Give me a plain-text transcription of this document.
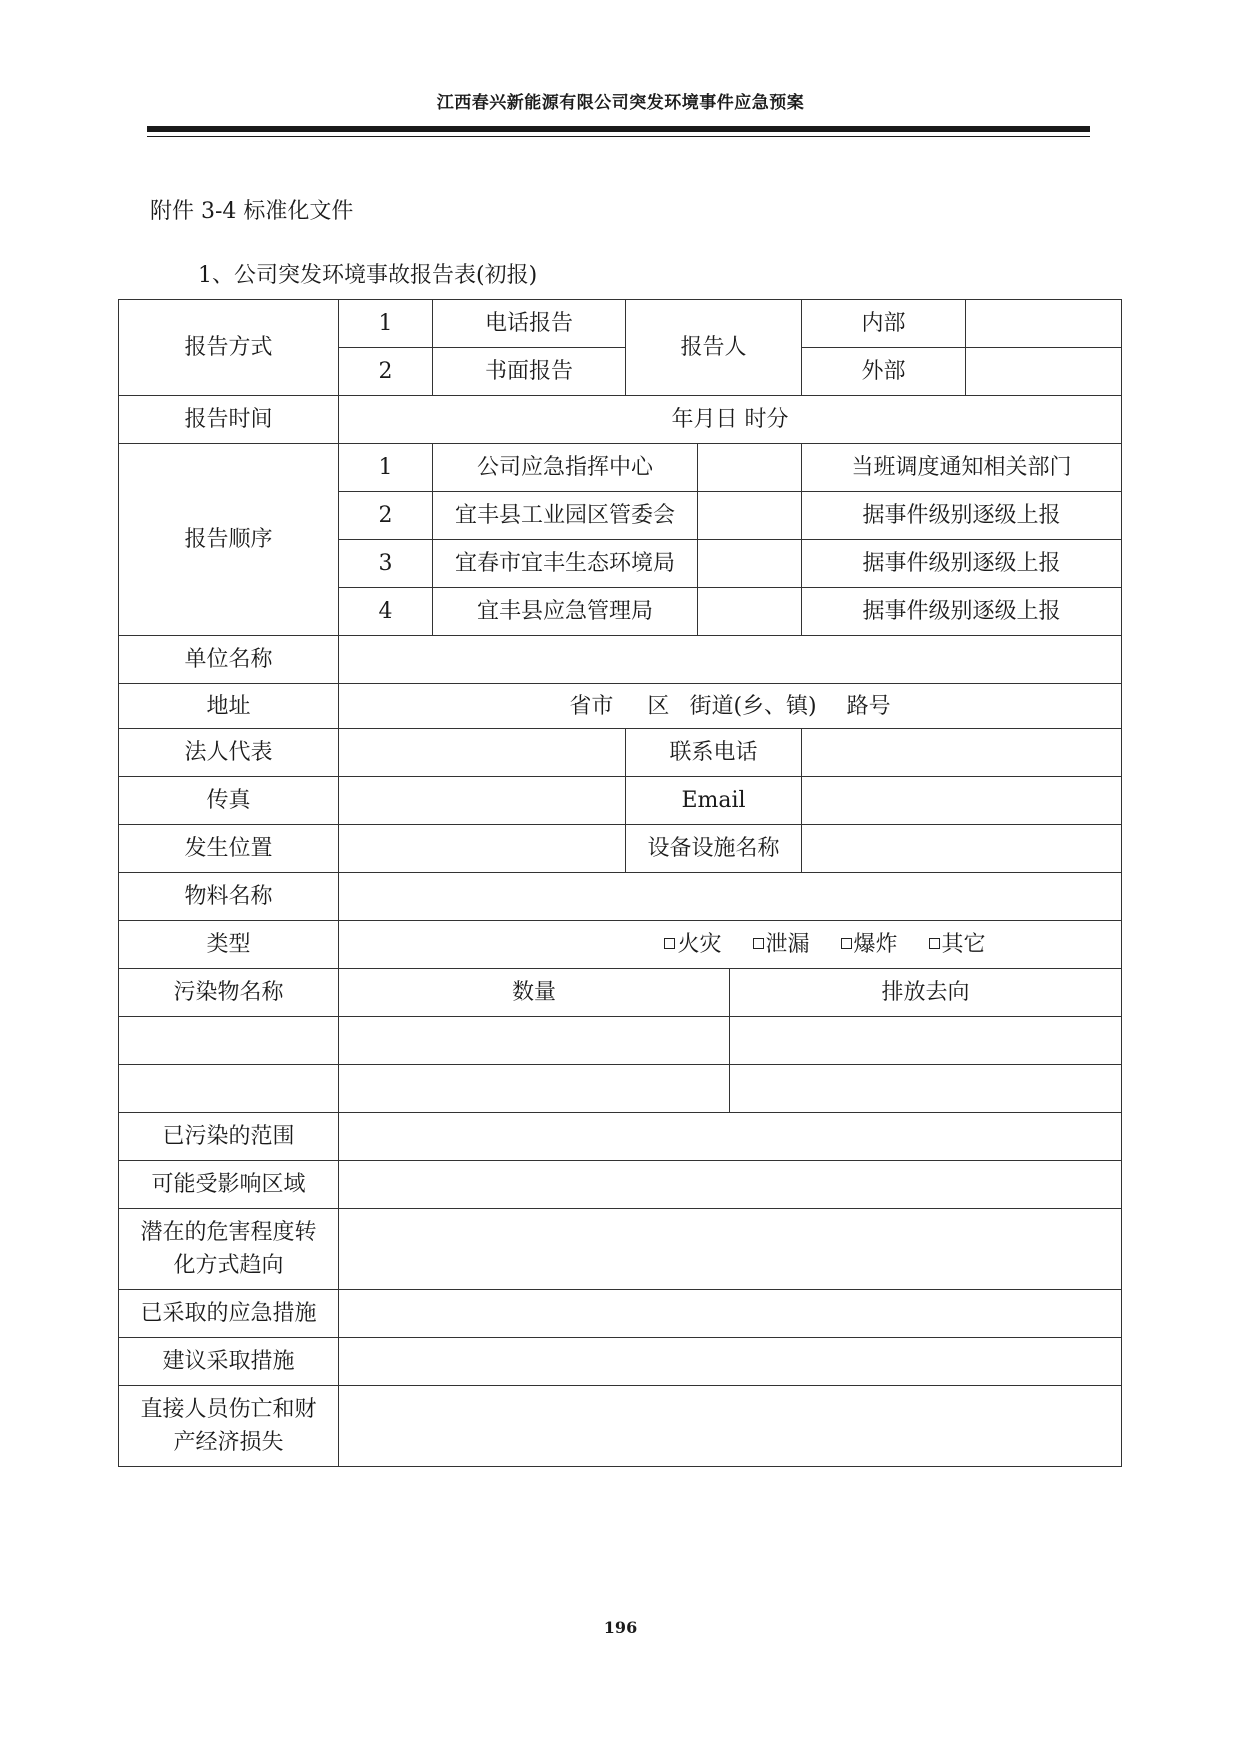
江西春兴新能源有限公司突发环境事件应急预案
附件 3-4 标准化文件
1、公司突发环境事故报告表(初报)
报告方式	1	电话报告	报告人			内部	
	2	书面报告				外部	
报告时间	年月日 时分						
报告顺序	1	公司应急指挥中心				当班调度通知相关部门	
	2	宜丰县工业园区管委会				据事件级别逐级上报	
	3	宜春市宜丰生态环境局				据事件级别逐级上报	
	4	宜丰县应急管理局				据事件级别逐级上报	
单位名称							
地址	省市 区 街道(乡、镇) 路号						
法人代表			联系电话				
传真			Email				
发生位置			设备设施名称				
物料名称							
类型	火灾 泄漏 爆炸 其它						
污染物名称	数量				排放去向		

已污染的范围							
可能受影响区域							
潜在的危害程度转
化方式趋向							
已采取的应急措施							
建议采取措施							
直接人员伤亡和财
产经济损失							
196
